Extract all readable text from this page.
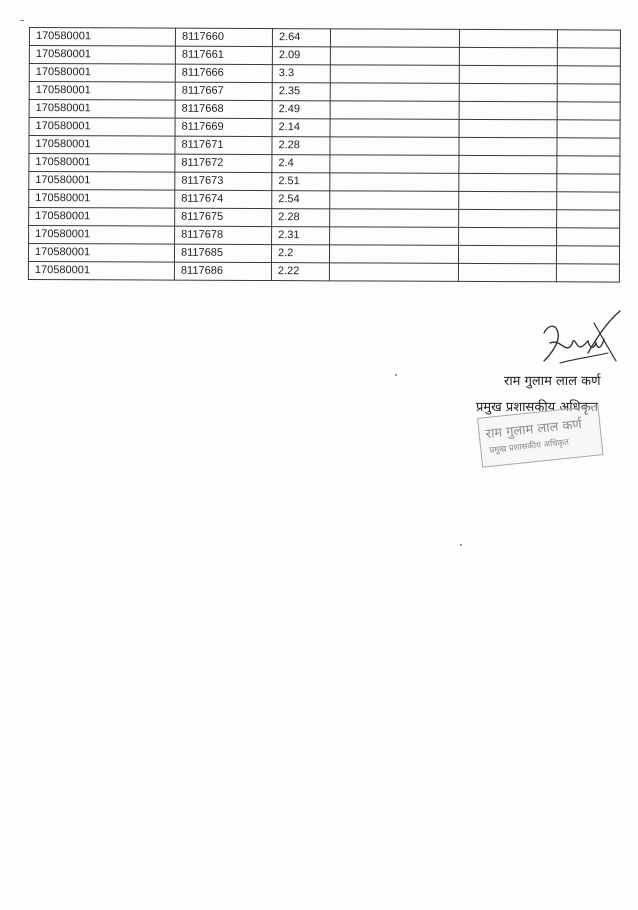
170580001	8117660	2.64			
170580001	8117661	2.09			
170580001	8117666	3.3			
170580001	8117667	2.35			
170580001	8117668	2.49			
170580001	8117669	2.14			
170580001	8117671	2.28			
170580001	8117672	2.4			
170580001	8117673	2.51			
170580001	8117674	2.54			
170580001	8117675	2.28			
170580001	8117678	2.31			
170580001	8117685	2.2			
170580001	8117686	2.22			
राम गुलाम लाल कर्ण
प्रमुख प्रशासकीय अधिकृत
राम गुलाम लाल कर्ण
प्रमुख प्रशासकीय अधिकृत
